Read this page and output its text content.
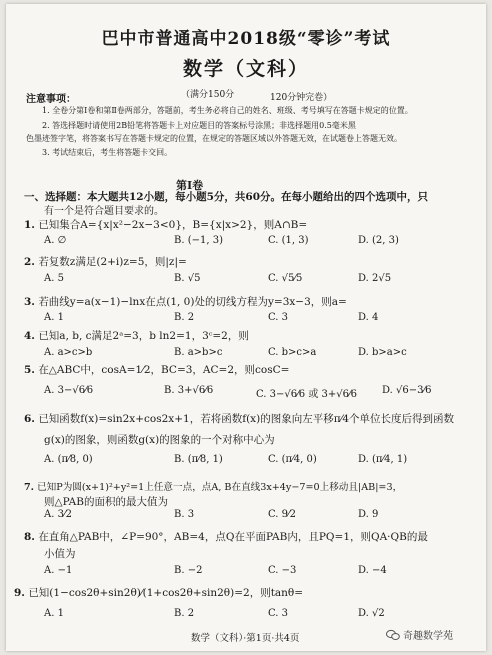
巴中市普通高中2018级“零诊”考试
数学（文科）
（满分150分	120分钟完卷）
注意事项：
1. 全卷分第Ⅰ卷和第Ⅱ卷两部分，答题前，考生务必将自己的姓名、班级、考号填写在答题卡规定的位置。
2. 答选择题时请使用2B铅笔将答题卡上对应题目的答案标号涂黑；非选择题用0.5毫米黑
色墨迹签字笔，将答案书写在答题卡规定的位置，在规定的答题区域以外答题无效，在试题卷上答题无效。
3. 考试结束后，考生将答题卡交回。
第Ⅰ卷
一、选择题：本大题共12小题，每小题5分，共60分。在每小题给出的四个选项中，只
有一个是符合题目要求的。
1. 已知集合A={x|x²−2x−3<0}，B={x|x>2}，则A∩B=
A. ∅	B. (−1, 3)	C. (1, 3)	D. (2, 3)
2. 若复数z满足(2+i)z=5，则|z|=
A. 5	B. √5	C. √5⁄5	D. 2√5
3. 若曲线y=a(x−1)−lnx在点(1, 0)处的切线方程为y=3x−3，则a=
A. 1	B. 2	C. 3	D. 4
4. 已知a, b, c满足2ᵃ=3，b ln2=1，3ᶜ=2，则
A. a>c>b	B. a>b>c	C. b>c>a	D. b>a>c
5. 在△ABC中，cosA=1⁄2，BC=3，AC=2，则cosC=
A. 3−√6⁄6	B. 3+√6⁄6	C. 3−√6⁄6 或 3+√6⁄6 D. √6−3⁄6
6. 已知函数f(x)=sin2x+cos2x+1，若将函数f(x)的图象向左平移π⁄4个单位长度后得到函数
g(x)的图象，则函数g(x)的图象的一个对称中心为
A. (π⁄8, 0)	B. (π⁄8, 1)	C. (π⁄4, 0)	D. (π⁄4, 1)
7. 已知P为圆(x+1)²+y²=1上任意一点，点A, B在直线3x+4y−7=0上移动且|AB|=3，
则△PAB的面积的最大值为
A. 3⁄2	B. 3	C. 9⁄2	D. 9
8. 在直角△PAB中，∠P=90°，AB=4，点Q在平面PAB内，且PQ=1，则QA·QB的最
小值为
A. −1	B. −2	C. −3	D. −4
9. 已知(1−cos2θ+sin2θ)⁄(1+cos2θ+sin2θ)=2，则tanθ=
A. 1	B. 2	C. 3	D. √2
数学（文科）·第1页·共4页	奇趣数学苑
